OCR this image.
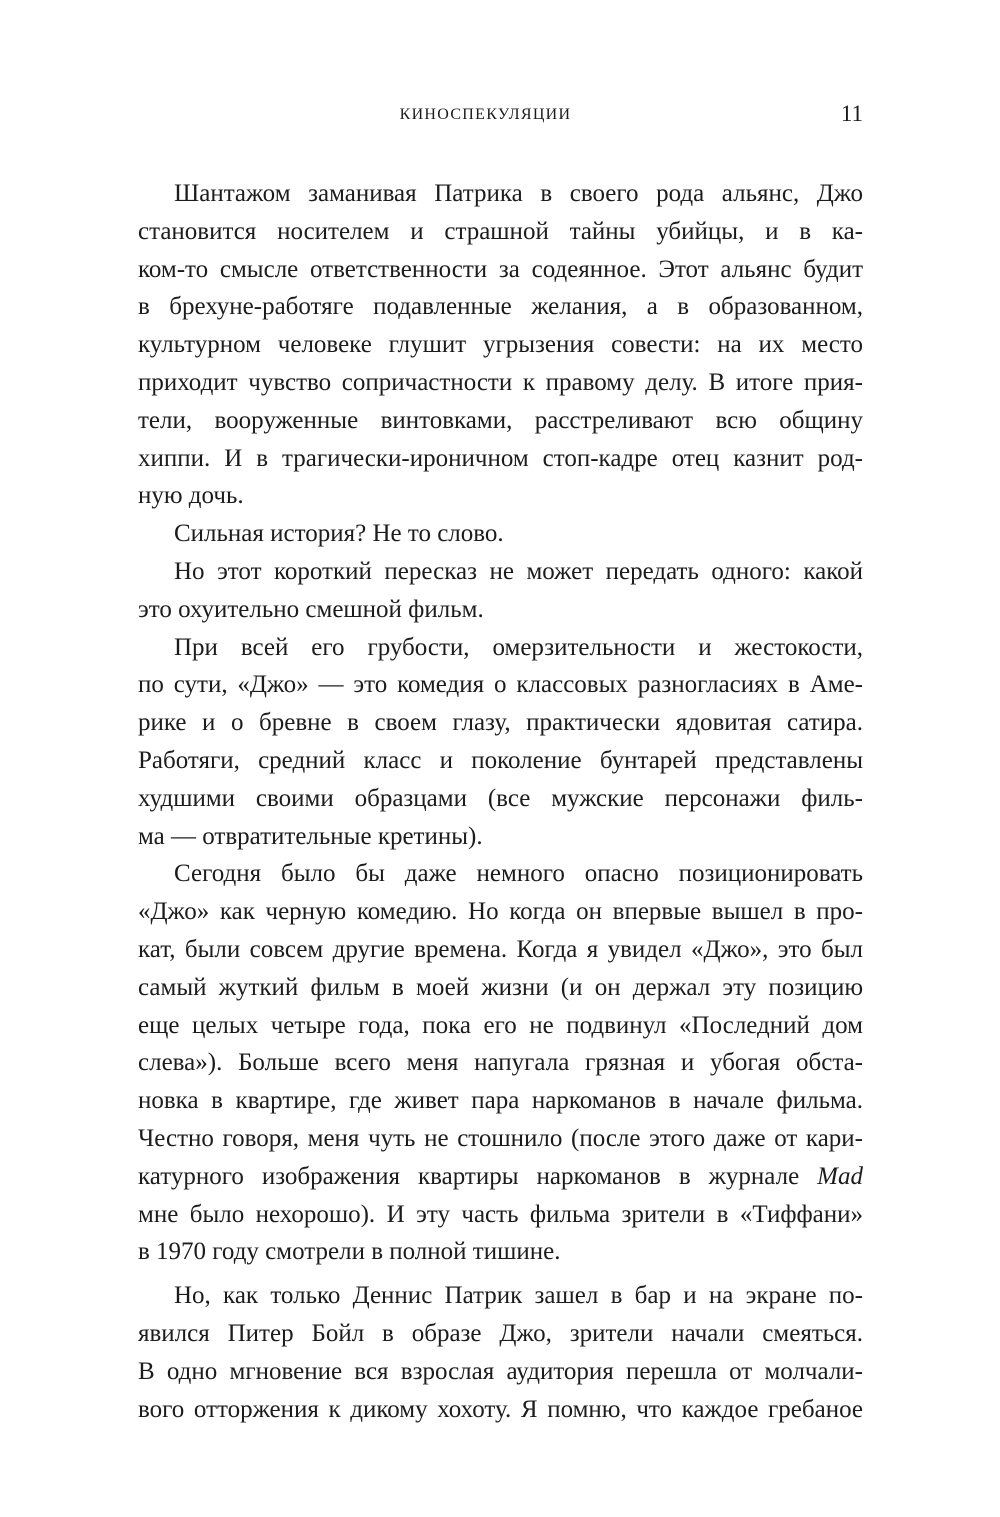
КИНОСПЕКУЛЯЦИИ	11
Шантажом заманивая Патрика в своего рода альянс, Джо
становится носителем и страшной тайны убийцы, и в ка-
ком-то смысле ответственности за содеянное. Этот альянс будит
в брехуне-работяге подавленные желания, а в образованном,
культурном человеке глушит угрызения совести: на их место
приходит чувство сопричастности к правому делу. В итоге прия-
тели, вооруженные винтовками, расстреливают всю общину
хиппи. И в трагически-ироничном стоп-кадре отец казнит род-
ную дочь.
Сильная история? Не то слово.
Но этот короткий пересказ не может передать одного: какой
это охуительно смешной фильм.
При всей его грубости, омерзительности и жестокости,
по сути, «Джо» — это комедия о классовых разногласиях в Аме-
рике и о бревне в своем глазу, практически ядовитая сатира.
Работяги, средний класс и поколение бунтарей представлены
худшими своими образцами (все мужские персонажи филь-
ма — отвратительные кретины).
Сегодня было бы даже немного опасно позиционировать
«Джо» как черную комедию. Но когда он впервые вышел в про-
кат, были совсем другие времена. Когда я увидел «Джо», это был
самый жуткий фильм в моей жизни (и он держал эту позицию
еще целых четыре года, пока его не подвинул «Последний дом
слева»). Больше всего меня напугала грязная и убогая обста-
новка в квартире, где живет пара наркоманов в начале фильма.
Честно говоря, меня чуть не стошнило (после этого даже от кари-
катурного изображения квартиры наркоманов в журнале Mad
мне было нехорошо). И эту часть фильма зрители в «Тиффани»
в 1970 году смотрели в полной тишине.
Но, как только Деннис Патрик зашел в бар и на экране по-
явился Питер Бойл в образе Джо, зрители начали смеяться.
В одно мгновение вся взрослая аудитория перешла от молчали-
вого отторжения к дикому хохоту. Я помню, что каждое гребаное
